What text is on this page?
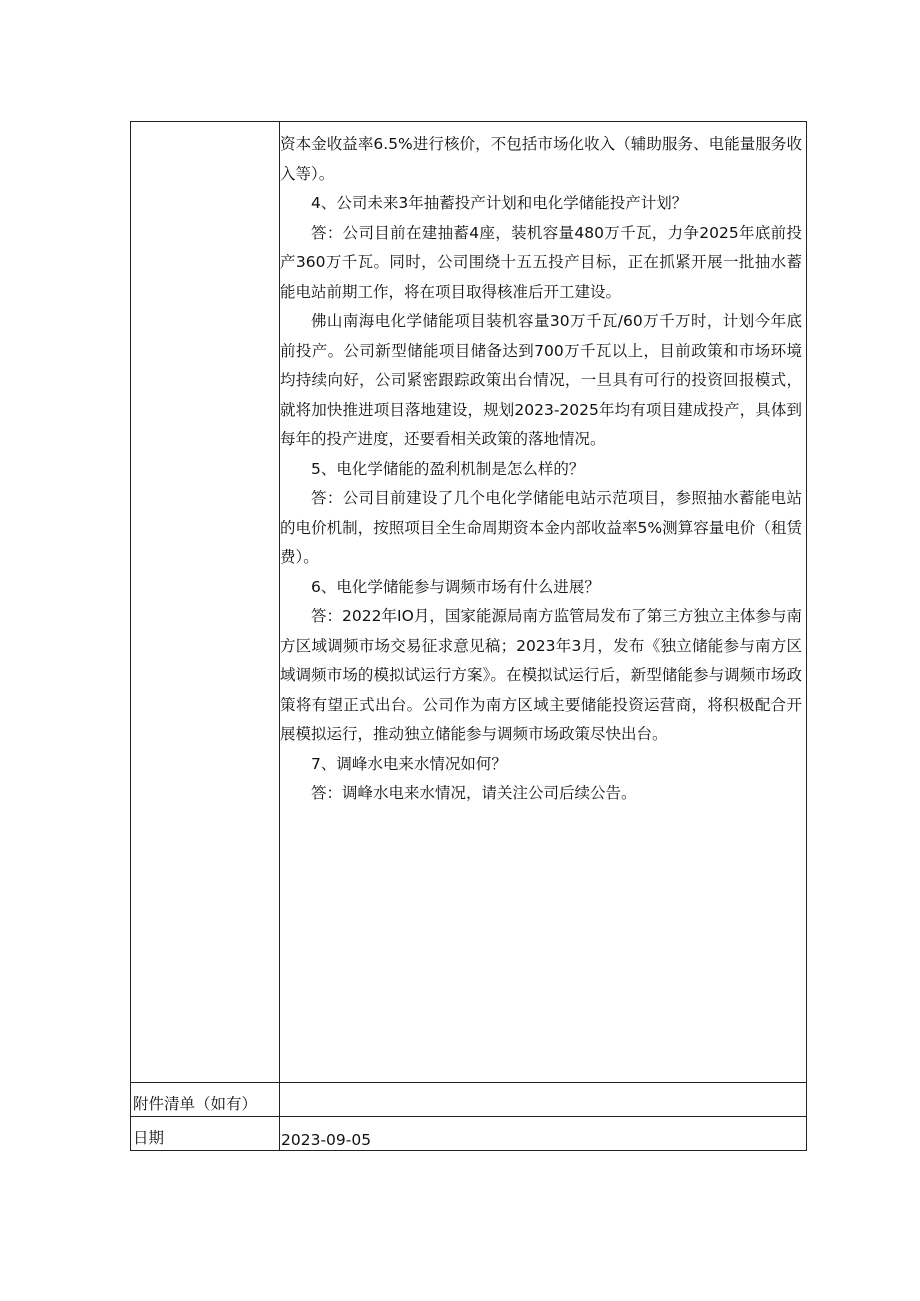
资本金收益率6.5%进行核价，不包括市场化收入（辅助服务、电能量服务收入等）。

4、公司未来3年抽蓄投产计划和电化学储能投产计划？

答：公司目前在建抽蓄4座，装机容量480万千瓦，力争2025年底前投产360万千瓦。同时，公司围绕十五五投产目标，正在抓紧开展一批抽水蓄能电站前期工作，将在项目取得核准后开工建设。

佛山南海电化学储能项目装机容量30万千瓦/60万千万时，计划今年底前投产。公司新型储能项目储备达到700万千瓦以上，目前政策和市场环境均持续向好，公司紧密跟踪政策出台情况，一旦具有可行的投资回报模式，就将加快推进项目落地建设，规划2023-2025年均有项目建成投产，具体到每年的投产进度，还要看相关政策的落地情况。

5、电化学储能的盈利机制是怎么样的？

答：公司目前建设了几个电化学储能电站示范项目，参照抽水蓄能电站的电价机制，按照项目全生命周期资本金内部收益率5%测算容量电价（租赁费）。

6、电化学储能参与调频市场有什么进展？

答：2022年IO月，国家能源局南方监管局发布了第三方独立主体参与南方区域调频市场交易征求意见稿；2023年3月，发布《独立储能参与南方区域调频市场的模拟试运行方案》。在模拟试运行后，新型储能参与调频市场政策将有望正式出台。公司作为南方区域主要储能投资运营商，将积极配合开展模拟运行，推动独立储能参与调频市场政策尽快出台。

7、调峰水电来水情况如何？

答：调峰水电来水情况，请关注公司后续公告。

附件清单（如有）
日期	2023-09-05
